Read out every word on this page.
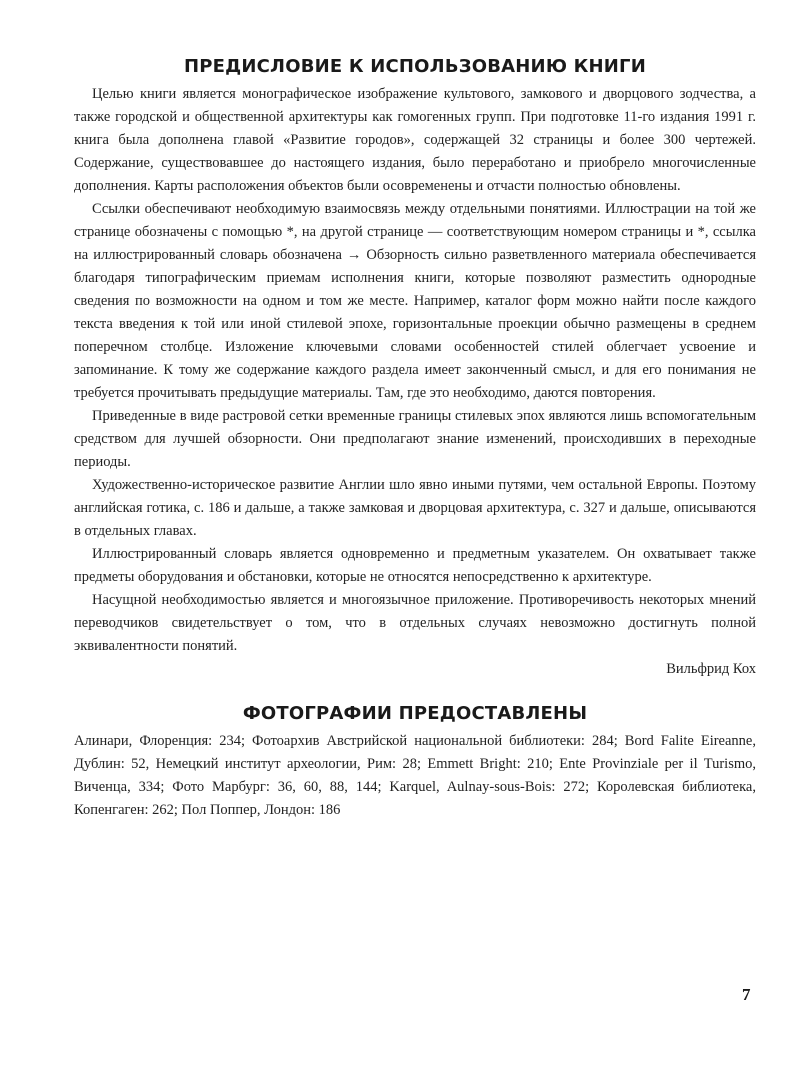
ПРЕДИСЛОВИЕ К ИСПОЛЬЗОВАНИЮ КНИГИ

Целью книги является монографическое изображение культового, замкового и дворцового зодчества, а также городской и общественной архитектуры как гомогенных групп. При подготовке 11-го издания 1991 г. книга была дополнена главой «Развитие городов», содержащей 32 страницы и более 300 чертежей. Содержание, существовавшее до настоящего издания, было переработано и приобрело многочисленные дополнения. Карты расположения объектов были осовременены и отчасти полностью обновлены.

Ссылки обеспечивают необходимую взаимосвязь между отдельными понятиями. Иллюстрации на той же странице обозначены с помощью *, на другой странице — соответствующим номером страницы и *, ссылка на иллюстрированный словарь обозначена → Обзорность сильно разветвленного материала обеспечивается благодаря типографическим приемам исполнения книги, которые позволяют разместить однородные сведения по возможности на одном и том же месте. Например, каталог форм можно найти после каждого текста введения к той или иной стилевой эпохе, горизонтальные проекции обычно размещены в среднем поперечном столбце. Изложение ключевыми словами особенностей стилей облегчает усвоение и запоминание. К тому же содержание каждого раздела имеет законченный смысл, и для его понимания не требуется прочитывать предыдущие материалы. Там, где это необходимо, даются повторения.

Приведенные в виде растровой сетки временные границы стилевых эпох являются лишь вспомогательным средством для лучшей обзорности. Они предполагают знание изменений, происходивших в переходные периоды.

Художественно-историческое развитие Англии шло явно иными путями, чем остальной Европы. Поэтому английская готика, с. 186 и дальше, а также замковая и дворцовая архитектура, с. 327 и дальше, описываются в отдельных главах.

Иллюстрированный словарь является одновременно и предметным указателем. Он охватывает также предметы оборудования и обстановки, которые не относятся непосредственно к архитектуре.

Насущной необходимостью является и многоязычное приложение. Противоречивость некоторых мнений переводчиков свидетельствует о том, что в отдельных случаях невозможно достигнуть полной эквивалентности понятий.

Вильфрид Кох
ФОТОГРАФИИ ПРЕДОСТАВЛЕНЫ

Алинари, Флоренция: 234; Фотоархив Австрийской национальной библиотеки: 284; Bord Falite Eireanne, Дублин: 52, Немецкий институт археологии, Рим: 28; Emmett Bright: 210; Ente Provinziale per il Turismo, Виченца, 334; Фото Марбург: 36, 60, 88, 144; Karquel, Aulnay-sous-Bois: 272; Королевская библиотека, Копенгаген: 262; Пол Поппер, Лондон: 186

7
